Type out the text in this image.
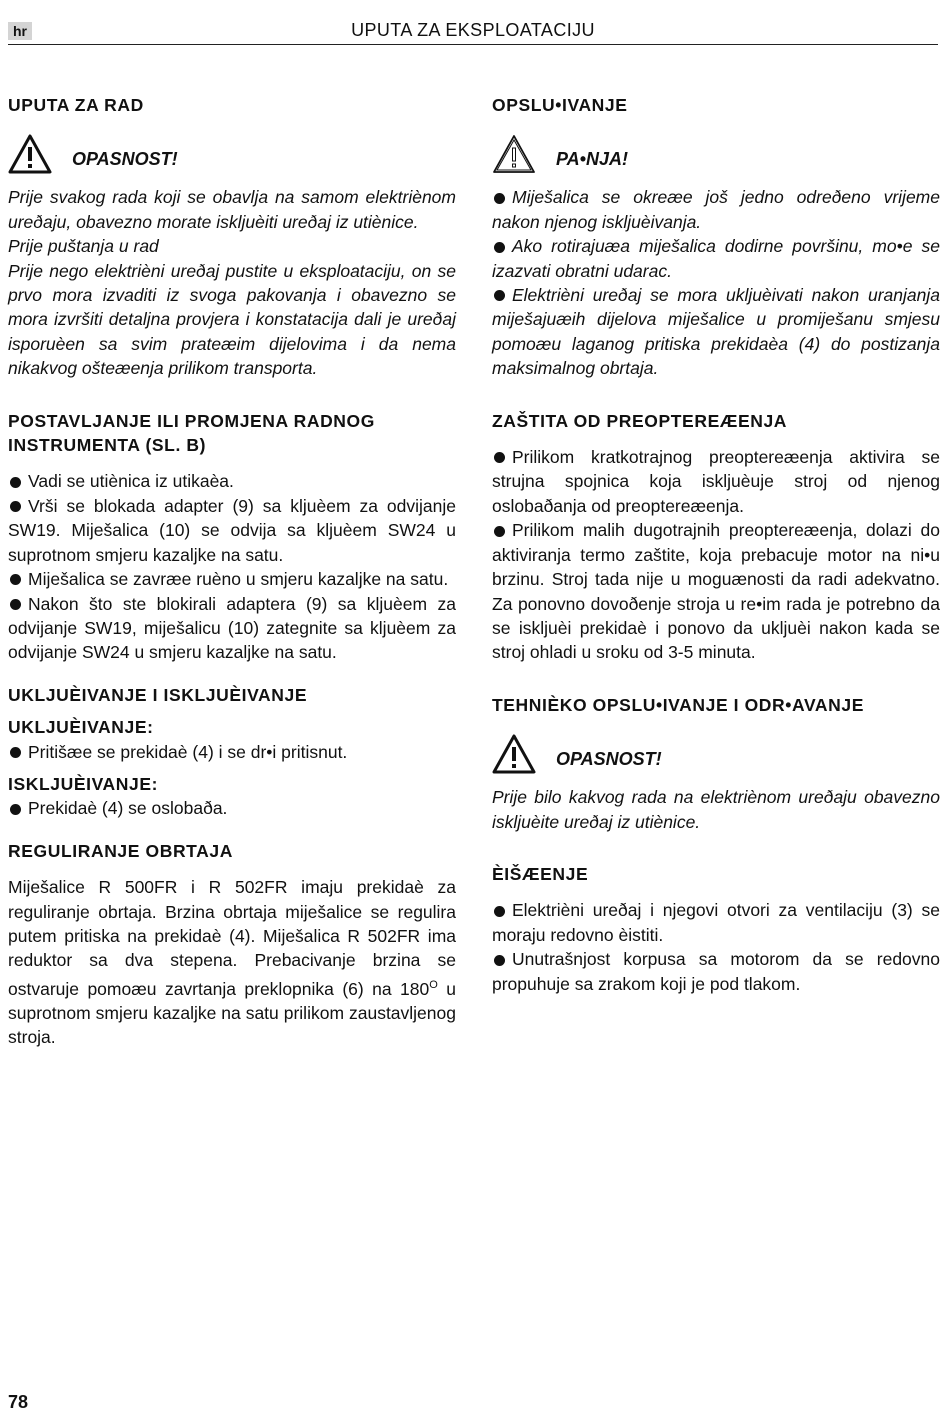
hr	UPUTA ZA EKSPLOATACIJU
UPUTA ZA RAD
OPASNOST!

Prije svakog rada koji se obavlja na samom elektriènom ureðaju, obavezno morate iskljuèiti ureðaj iz utiènice.

Prije puštanja u rad

Prije nego elektrièni ureðaj pustite u eksploataciju, on se prvo mora izvaditi iz svoga pakovanja i obavezno se mora izvršiti detaljna provjera i konstatacija dali je ureðaj isporuèen sa svim prateæim dijelovima i da nema nikakvog ošteæenja prilikom transporta.

POSTAVLJANJE ILI PROMJENA RADNOG INSTRUMENTA (SL. B)

Vadi se utiènica iz utikaèa.

Vrši se blokada adapter (9) sa kljuèem za odvijanje SW19. Miješalica (10) se odvija sa kljuèem SW24 u suprotnom smjeru kazaljke na satu.

Miješalica se zavræe ruèno u smjeru kazaljke na satu.

Nakon što ste blokirali adaptera (9) sa kljuèem za odvijanje SW19, miješalicu (10) zategnite sa kljuèem za odvijanje SW24 u smjeru kazaljke na satu.

UKLJUÈIVANJE I ISKLJUÈIVANJE
UKLJUÈIVANJE:

Pritišæe se prekidaè (4) i se dr•i pritisnut.

ISKLJUÈIVANJE:

Prekidaè (4) se oslobaða.

REGULIRANJE OBRTAJA

Miješalice R 500FR i R 502FR imaju prekidaè za reguliranje obrtaja. Brzina obrtaja miješalice se regulira putem pritiska na prekidaè (4). Miješalica R 502FR ima reduktor sa dva stepena. Prebacivanje brzina se ostvaruje pomoæu zavrtanja preklopnika (6) na $180^O$ u suprotnom smjeru kazaljke na satu prilikom zaustavljenog stroja.

OPSLU•IVANJE
PA•NJA!

Miješalica se okreæe još jedno odreðeno vrijeme nakon njenog iskljuèivanja.

Ako rotirajuæa miješalica dodirne površinu, mo•e se izazvati obratni udarac.

Elektrièni ureðaj se mora ukljuèivati nakon uranjanja miješajuæih dijelova miješalice u promiješanu smjesu pomoæu laganog pritiska prekidaèa (4) do postizanja maksimalnog obrtaja.

ZAŠTITA OD PREOPTEREÆENJA

Prilikom kratkotrajnog preoptereæenja aktivira se strujna spojnica koja iskljuèuje stroj od njenog oslobaðanja od preoptereæenja.

Prilikom malih dugotrajnih preoptereæenja, dolazi do aktiviranja termo zaštite, koja prebacuje motor na ni•u brzinu. Stroj tada nije u moguænosti da radi adekvatno. Za ponovno dovoðenje stroja u re•im rada je potrebno da se iskljuèi prekidaè i ponovo da ukljuèi nakon kada se stroj ohladi u sroku od 3-5 minuta.

TEHNIÈKO OPSLU•IVANJE I ODR•AVANJE
OPASNOST!

Prije bilo kakvog rada na elektriènom ureðaju obavezno iskljuèite ureðaj iz utiènice.

ÈIŠÆENJE

Elektrièni ureðaj i njegovi otvori za ventilaciju (3) se moraju redovno èistiti.

Unutrašnjost korpusa sa motorom da se redovno propuhuje sa zrakom koji je pod tlakom.

78
